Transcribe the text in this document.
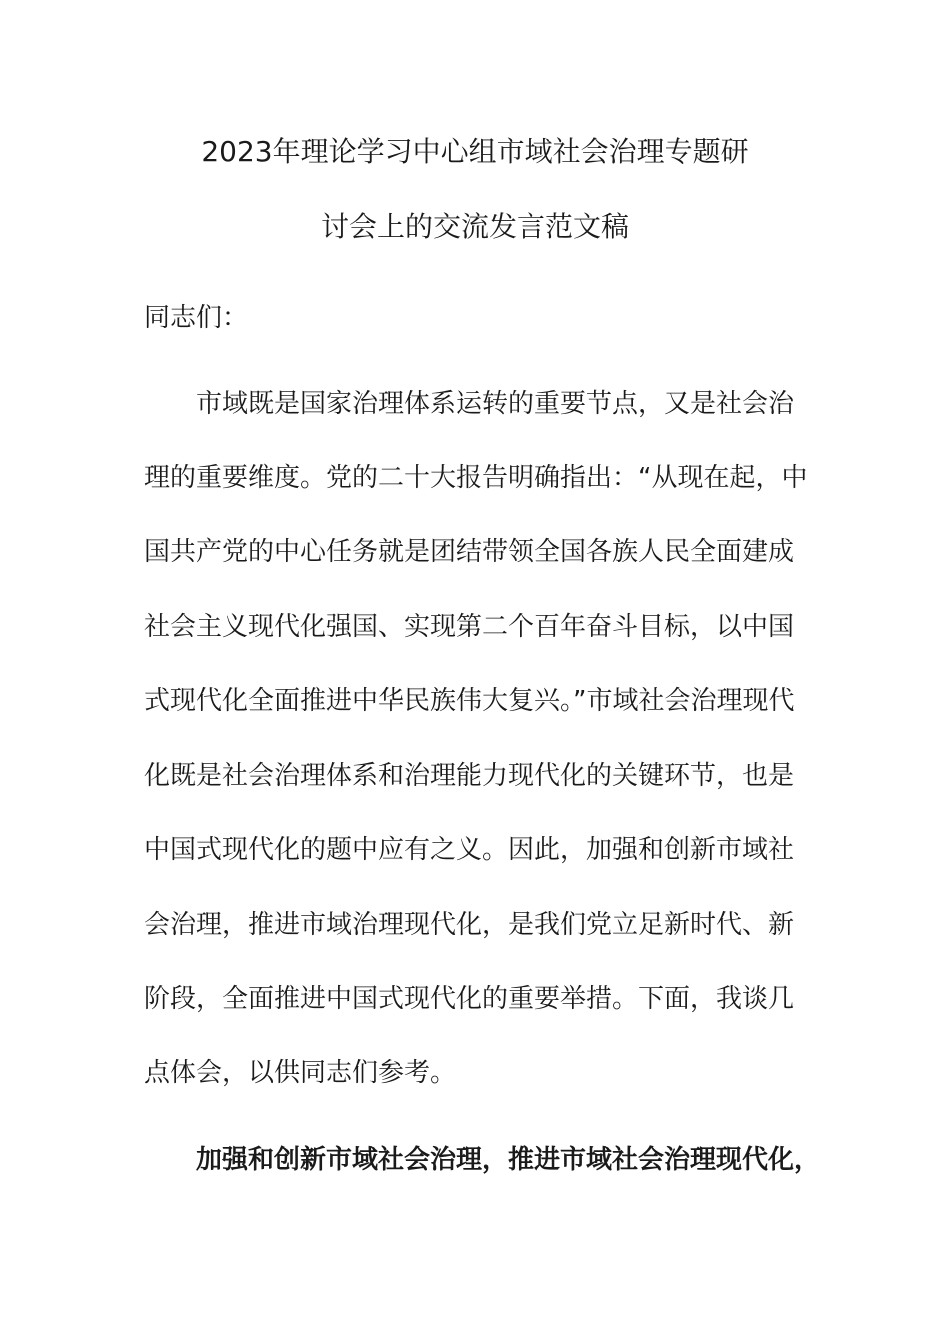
2023年理论学习中心组市域社会治理专题研
讨会上的交流发言范文稿
同志们：
市域既是国家治理体系运转的重要节点，又是社会治
理的重要维度。党的二十大报告明确指出：“从现在起，中
国共产党的中心任务就是团结带领全国各族人民全面建成
社会主义现代化强国、实现第二个百年奋斗目标，以中国
式现代化全面推进中华民族伟大复兴。”市域社会治理现代
化既是社会治理体系和治理能力现代化的关键环节，也是
中国式现代化的题中应有之义。因此，加强和创新市域社
会治理，推进市域治理现代化，是我们党立足新时代、新
阶段，全面推进中国式现代化的重要举措。下面，我谈几
点体会，以供同志们参考。
加强和创新市域社会治理，推进市域社会治理现代化，
